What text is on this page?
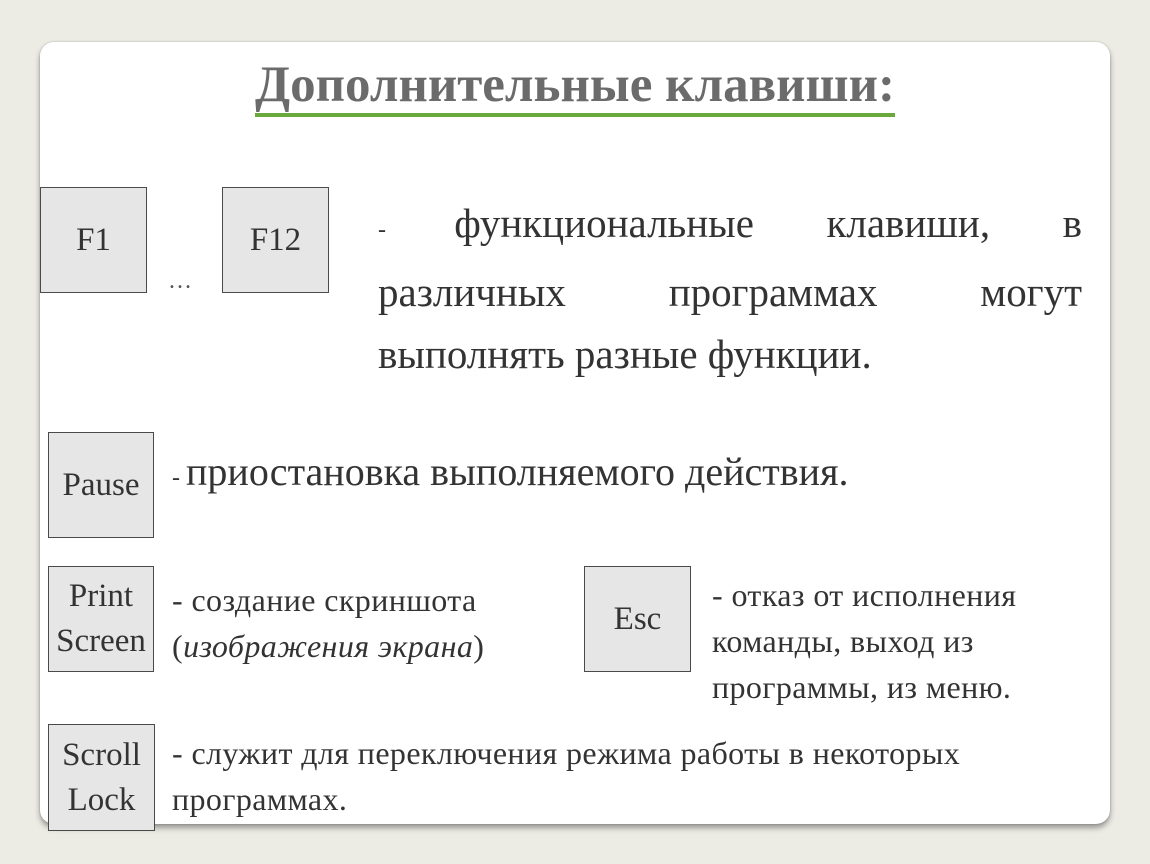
Дополнительные клавиши:
F1
…
F12	- функциональные клавиши, в различных программах могут выполнять разные функции.
Pause - приостановка выполняемого действия.
Print
Screen
- создание скриншота
(изображения экрана)
Esc
- отказ от исполнения
команды, выход из
программы, из меню.
Scroll
Lock
- служит для переключения режима работы в некоторых программах.
